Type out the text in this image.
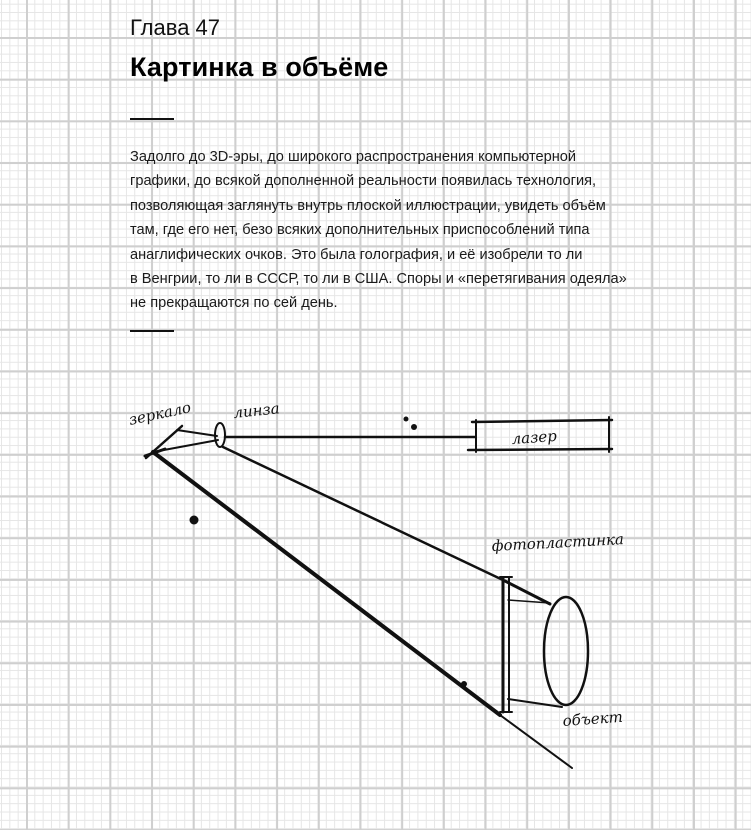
Глава 47
Картинка в объёме

Задолго до 3D-эры, до широкого распространения компьютерной
графики, до всякой дополненной реальности появилась технология,
позволяющая заглянуть внутрь плоской иллюстрации, увидеть объём
там, где его нет, безо всяких дополнительных приспособлений типа
анаглифических очков. Это была голография, и её изобрели то ли
в Венгрии, то ли в СССР, то ли в США. Споры и «перетягивания одеяла»
не прекращаются по сей день.

зеркало	линза
лазер
фотопластинка
объект
